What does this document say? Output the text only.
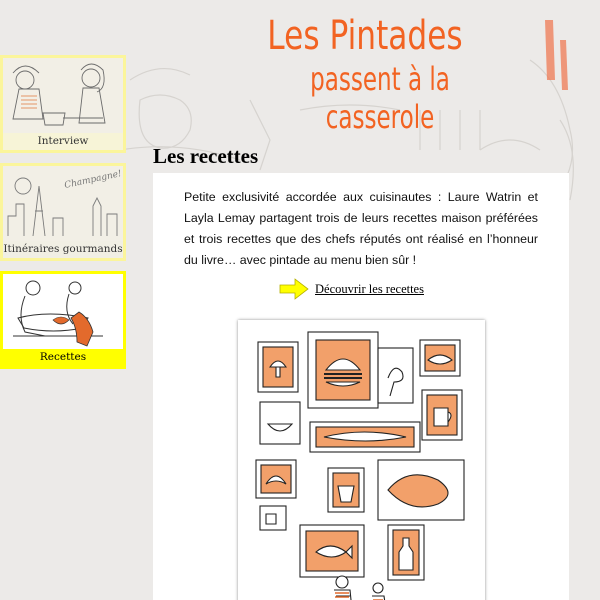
Les Pintades
passent à la casserole
Interview
Champagne!
Itinéraires gourmands
Recettes
Les recettes

Petite exclusivité accordée aux cuisinautes : Laure Watrin et Layla Lemay partagent trois de leurs recettes maison préférées et trois recettes que des chefs réputés ont réalisé en l’honneur du livre… avec pintade au menu bien sûr !

Découvrir les recettes
